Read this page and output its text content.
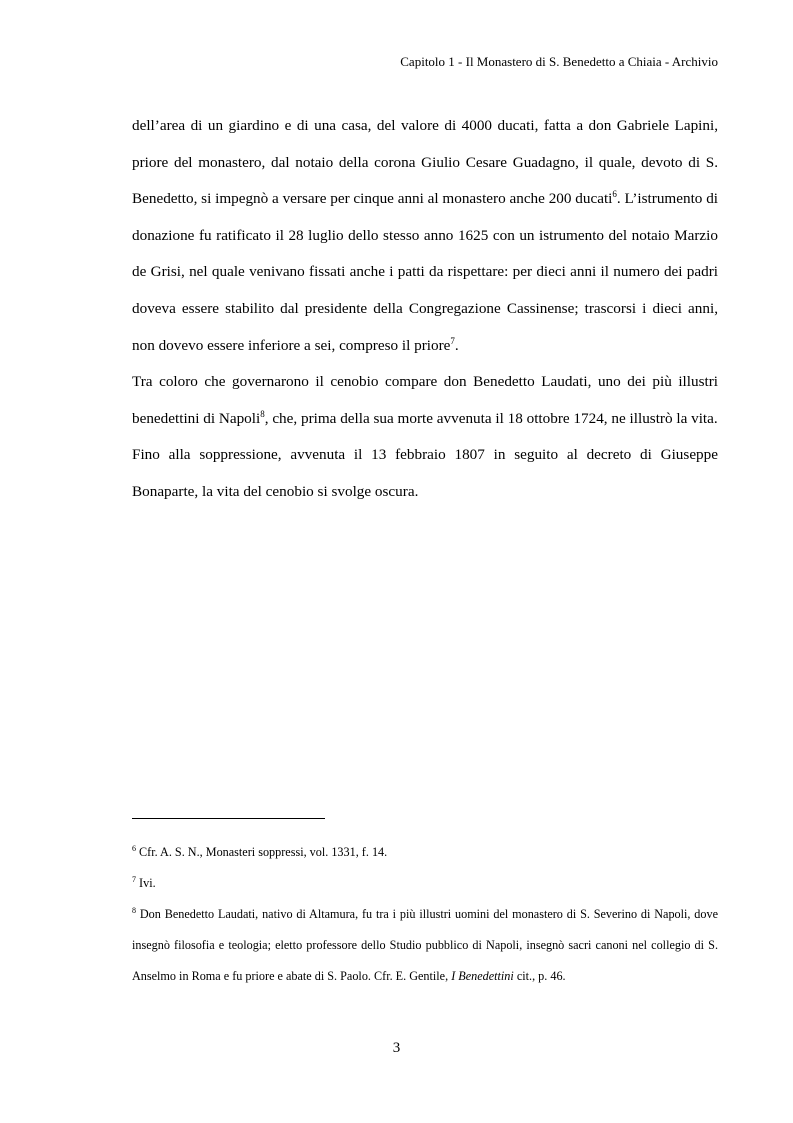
Capitolo 1 - Il Monastero di S. Benedetto a Chiaia - Archivio

dell’area di un giardino e di una casa, del valore di 4000 ducati, fatta a don Gabriele Lapini, priore del monastero, dal notaio della corona Giulio Cesare Guadagno, il quale, devoto di S. Benedetto, si impegnò a versare per cinque anni al monastero anche 200 ducati$^6$. L’istrumento di donazione fu ratificato il 28 luglio dello stesso anno 1625 con un istrumento del notaio Marzio de Grisi, nel quale venivano fissati anche i patti da rispettare: per dieci anni il numero dei padri doveva essere stabilito dal presidente della Congregazione Cassinense; trascorsi i dieci anni, non dovevo essere inferiore a sei, compreso il priore$^7$.

Tra coloro che governarono il cenobio compare don Benedetto Laudati, uno dei più illustri benedettini di Napoli$^8$, che, prima della sua morte avvenuta il 18 ottobre 1724, ne illustrò la vita.

Fino alla soppressione, avvenuta il 13 febbraio 1807 in seguito al decreto di Giuseppe Bonaparte, la vita del cenobio si svolge oscura.

$^6$ Cfr. A. S. N., Monasteri soppressi, vol. 1331, f. 14.

$^7$ Ivi.

$^8$ Don Benedetto Laudati, nativo di Altamura, fu tra i più illustri uomini del monastero di S. Severino di Napoli, dove insegnò filosofia e teologia; eletto professore dello Studio pubblico di Napoli, insegnò sacri canoni nel collegio di S. Anselmo in Roma e fu priore e abate di S. Paolo. Cfr. E. Gentile, I Benedettini cit., p. 46.

3
